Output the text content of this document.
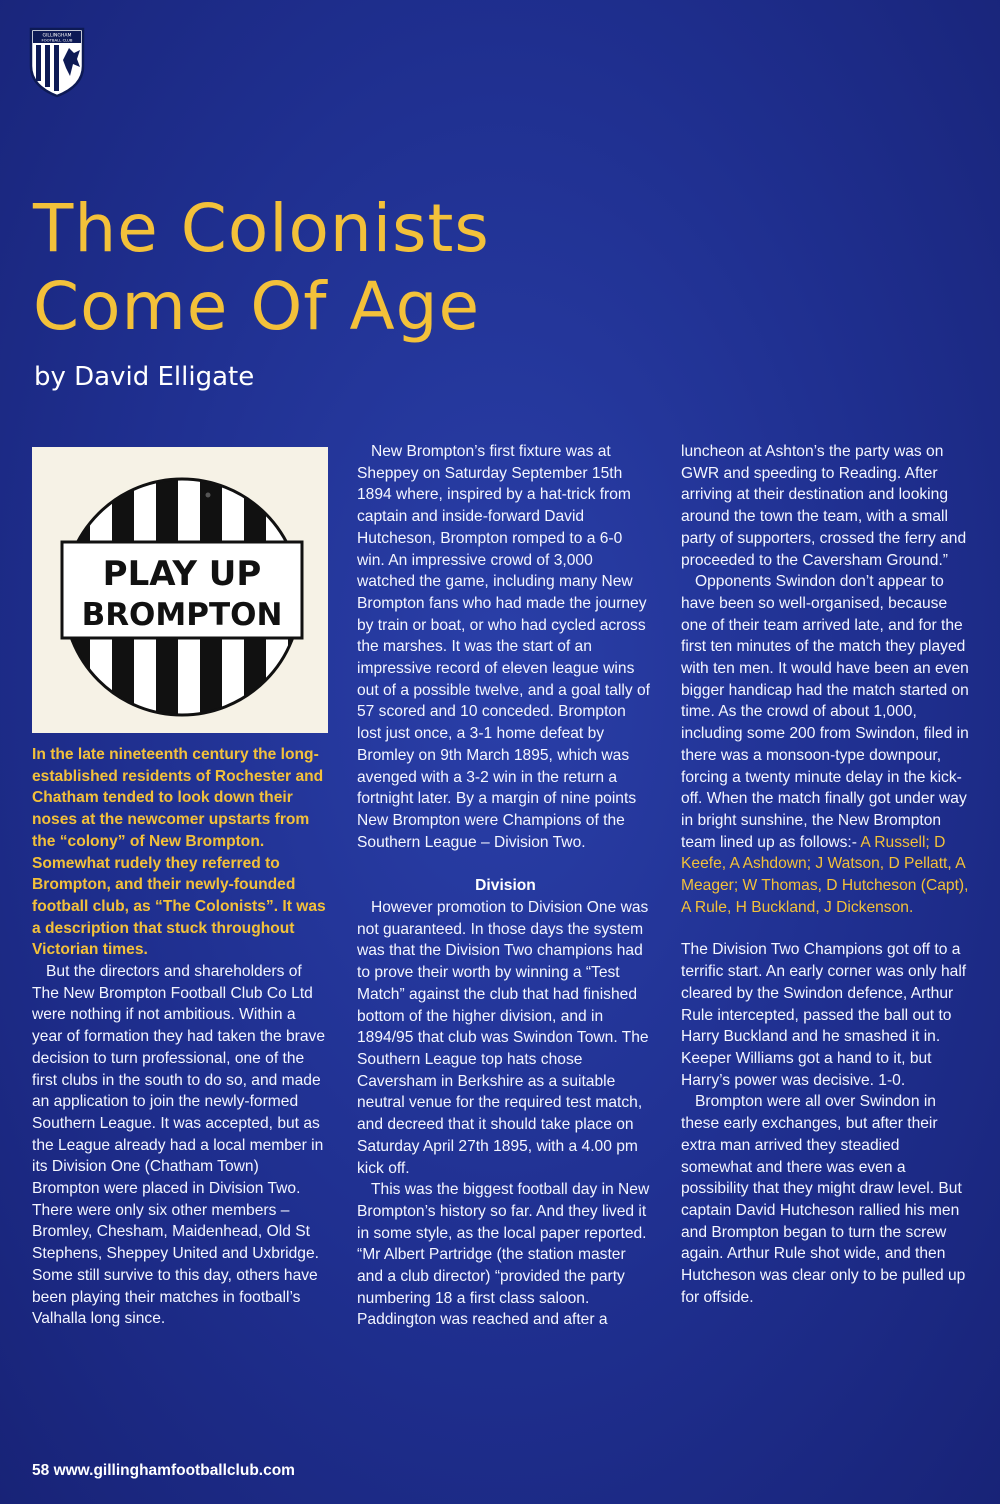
GILLINGHAM
FOOTBALL CLUB
The Colonists
Come Of Age
by David Elligate
PLAY UP
BROMPTON

In the late nineteenth century the long-established residents of Rochester and Chatham tended to look down their noses at the newcomer upstarts from the “colony” of New Brompton. Somewhat rudely they referred to Brompton, and their newly-founded football club, as “The Colonists”. It was a description that stuck throughout Victorian times.

But the directors and shareholders of The New Brompton Football Club Co Ltd were nothing if not ambitious. Within a year of formation they had taken the brave decision to turn professional, one of the first clubs in the south to do so, and made an application to join the newly-formed Southern League. It was accepted, but as the League already had a local member in its Division One (Chatham Town) Brompton were placed in Division Two. There were only six other members – Bromley, Chesham, Maidenhead, Old St Stephens, Sheppey United and Uxbridge. Some still survive to this day, others have been playing their matches in football’s Valhalla long since.

New Brompton’s first fixture was at Sheppey on Saturday September 15th 1894 where, inspired by a hat-trick from captain and inside-forward David Hutcheson, Brompton romped to a 6-0 win. An impressive crowd of 3,000 watched the game, including many New Brompton fans who had made the journey by train or boat, or who had cycled across the marshes. It was the start of an impressive record of eleven league wins out of a possible twelve, and a goal tally of 57 scored and 10 conceded. Brompton lost just once, a 3-1 home defeat by Bromley on 9th March 1895, which was avenged with a 3-2 win in the return a fortnight later. By a margin of nine points New Brompton were Champions of the Southern League – Division Two.

Division

However promotion to Division One was not guaranteed. In those days the system was that the Division Two champions had to prove their worth by winning a “Test Match” against the club that had finished bottom of the higher division, and in 1894/95 that club was Swindon Town. The Southern League top hats chose Caversham in Berkshire as a suitable neutral venue for the required test match, and decreed that it should take place on Saturday April 27th 1895, with a 4.00 pm kick off.

This was the biggest football day in New Brompton’s history so far. And they lived it in some style, as the local paper reported. “Mr Albert Partridge (the station master and a club director) “provided the party numbering 18 a first class saloon. Paddington was reached and after a

luncheon at Ashton’s the party was on GWR and speeding to Reading. After arriving at their destination and looking around the town the team, with a small party of supporters, crossed the ferry and proceeded to the Caversham Ground.”

Opponents Swindon don’t appear to have been so well-organised, because one of their team arrived late, and for the first ten minutes of the match they played with ten men. It would have been an even bigger handicap had the match started on time. As the crowd of about 1,000, including some 200 from Swindon, filed in there was a monsoon-type downpour, forcing a twenty minute delay in the kick-off. When the match finally got under way in bright sunshine, the New Brompton team lined up as follows:- A Russell; D Keefe, A Ashdown; J Watson, D Pellatt, A Meager; W Thomas, D Hutcheson (Capt), A Rule, H Buckland, J Dickenson.

The Division Two Champions got off to a terrific start. An early corner was only half cleared by the Swindon defence, Arthur Rule intercepted, passed the ball out to Harry Buckland and he smashed it in. Keeper Williams got a hand to it, but Harry’s power was decisive. 1-0.

Brompton were all over Swindon in these early exchanges, but after their extra man arrived they steadied somewhat and there was even a possibility that they might draw level. But captain David Hutcheson rallied his men and Brompton began to turn the screw again. Arthur Rule shot wide, and then Hutcheson was clear only to be pulled up for offside.

58 www.gillinghamfootballclub.com
